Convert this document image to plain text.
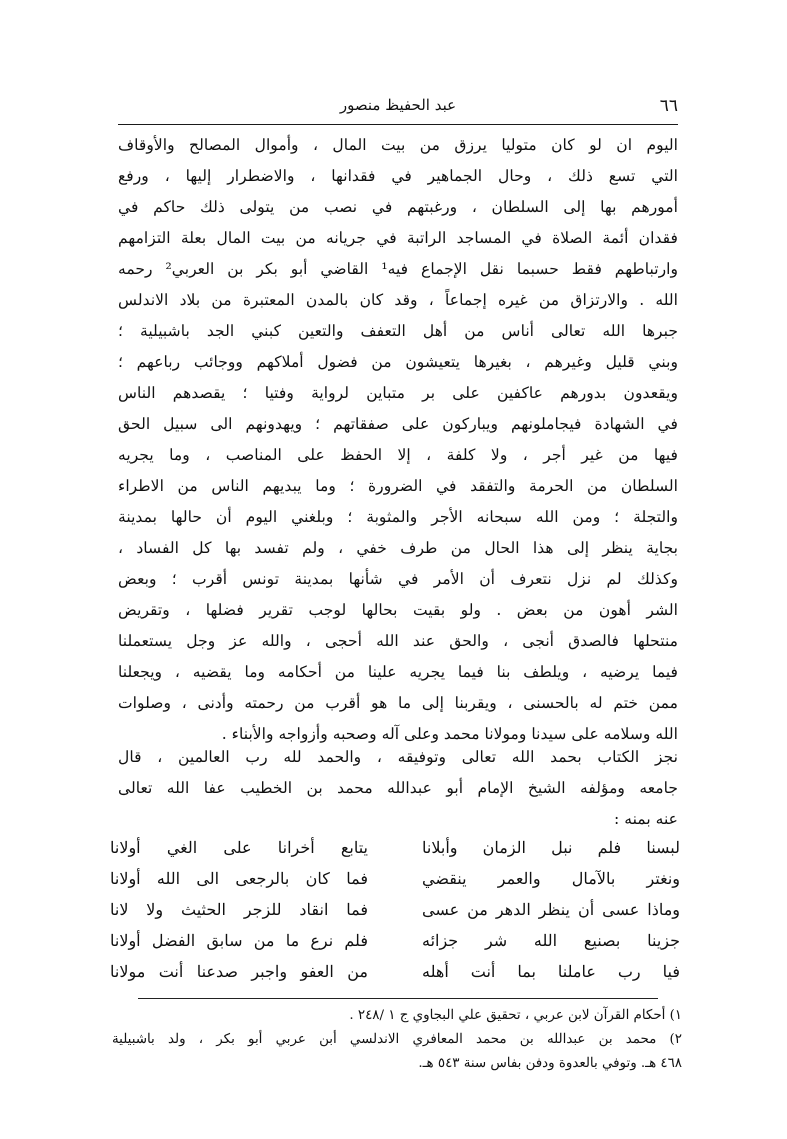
٦٦
عبد الحفيظ منصور
اليوم ان لو كان متوليا يرزق من بيت المال ، وأموال المصالح والأوقاف
التي تسع ذلك ، وحال الجماهير في فقدانها ، والاضطرار إليها ، ورفع
أمورهم بها إلى السلطان ، ورغبتهم في نصب من يتولى ذلك حاكم في
فقدان أئمة الصلاة في المساجد الراتبة في جريانه من بيت المال بعلة التزامهم
وارتباطهم فقط حسبما نقل الإجماع فيه¹ القاضي أبو بكر بن العربي² رحمه
الله . والارتزاق من غيره إجماعاً ، وقد كان بالمدن المعتبرة من بلاد الاندلس
جبرها الله تعالى أناس من أهل التعفف والتعين كبني الجد باشبيلية ؛
وبني قليل وغيرهم ، بغيرها يتعيشون من فضول أملاكهم ووجائب رباعهم ؛
ويقعدون بدورهم عاكفين على بر متباين لرواية وفتيا ؛ يقصدهم الناس
في الشهادة فيجاملونهم ويباركون على صفقاتهم ؛ ويهدونهم الى سبيل الحق
فيها من غير أجر ، ولا كلفة ، إلا الحفظ على المناصب ، وما يجريه
السلطان من الحرمة والتفقد في الضرورة ؛ وما يبديهم الناس من الاطراء
والتجلة ؛ ومن الله سبحانه الأجر والمثوبة ؛ وبلغني اليوم أن حالها بمدينة
بجاية ينظر إلى هذا الحال من طرف خفي ، ولم تفسد بها كل الفساد ،
وكذلك لم نزل نتعرف أن الأمر في شأنها بمدينة تونس أقرب ؛ وبعض
الشر أهون من بعض . ولو بقيت بحالها لوجب تقرير فضلها ، وتقريض
منتحلها فالصدق أنجى ، والحق عند الله أحجى ، والله عز وجل يستعملنا
فيما يرضيه ، ويلطف بنا فيما يجريه علينا من أحكامه وما يقضيه ، ويجعلنا
ممن ختم له بالحسنى ، ويقربنا إلى ما هو أقرب من رحمته وأدنى ، وصلوات
الله وسلامه على سيدنا ومولانا محمد وعلى آله وصحبه وأزواجه والأبناء .
نجز الكتاب بحمد الله تعالى وتوفيقه ، والحمد لله رب العالمين ، قال
جامعه ومؤلفه الشيخ الإمام أبو عبدالله محمد بن الخطيب عفا الله تعالى
عنه بمنه :
لبسنا فلم نبل الزمان وأبلانا
يتابع أخرانا على الغي أولانا
ونغتر بالآمال والعمر ينقضي
فما كان بالرجعى الى الله أولانا
وماذا عسى أن ينظر الدهر من عسى
فما انقاد للزجر الحثيث ولا لانا
جزينا بصنيع الله شر جزائه
فلم نرع ما من سابق الفضل أولانا
فيا رب عاملنا بما أنت أهله
من العفو واجبر صدعنا أنت مولانا
١) أحكام القرآن لابن عربي ، تحقيق علي البجاوي ج ١ /٢٤٨ .
٢) محمد بن عبدالله بن محمد المعافري الاندلسي أبن عربي أبو بكر ، ولد باشبيلية
٤٦٨ هـ. وتوفي بالعدوة ودفن بفاس سنة ٥٤٣ هـ.
